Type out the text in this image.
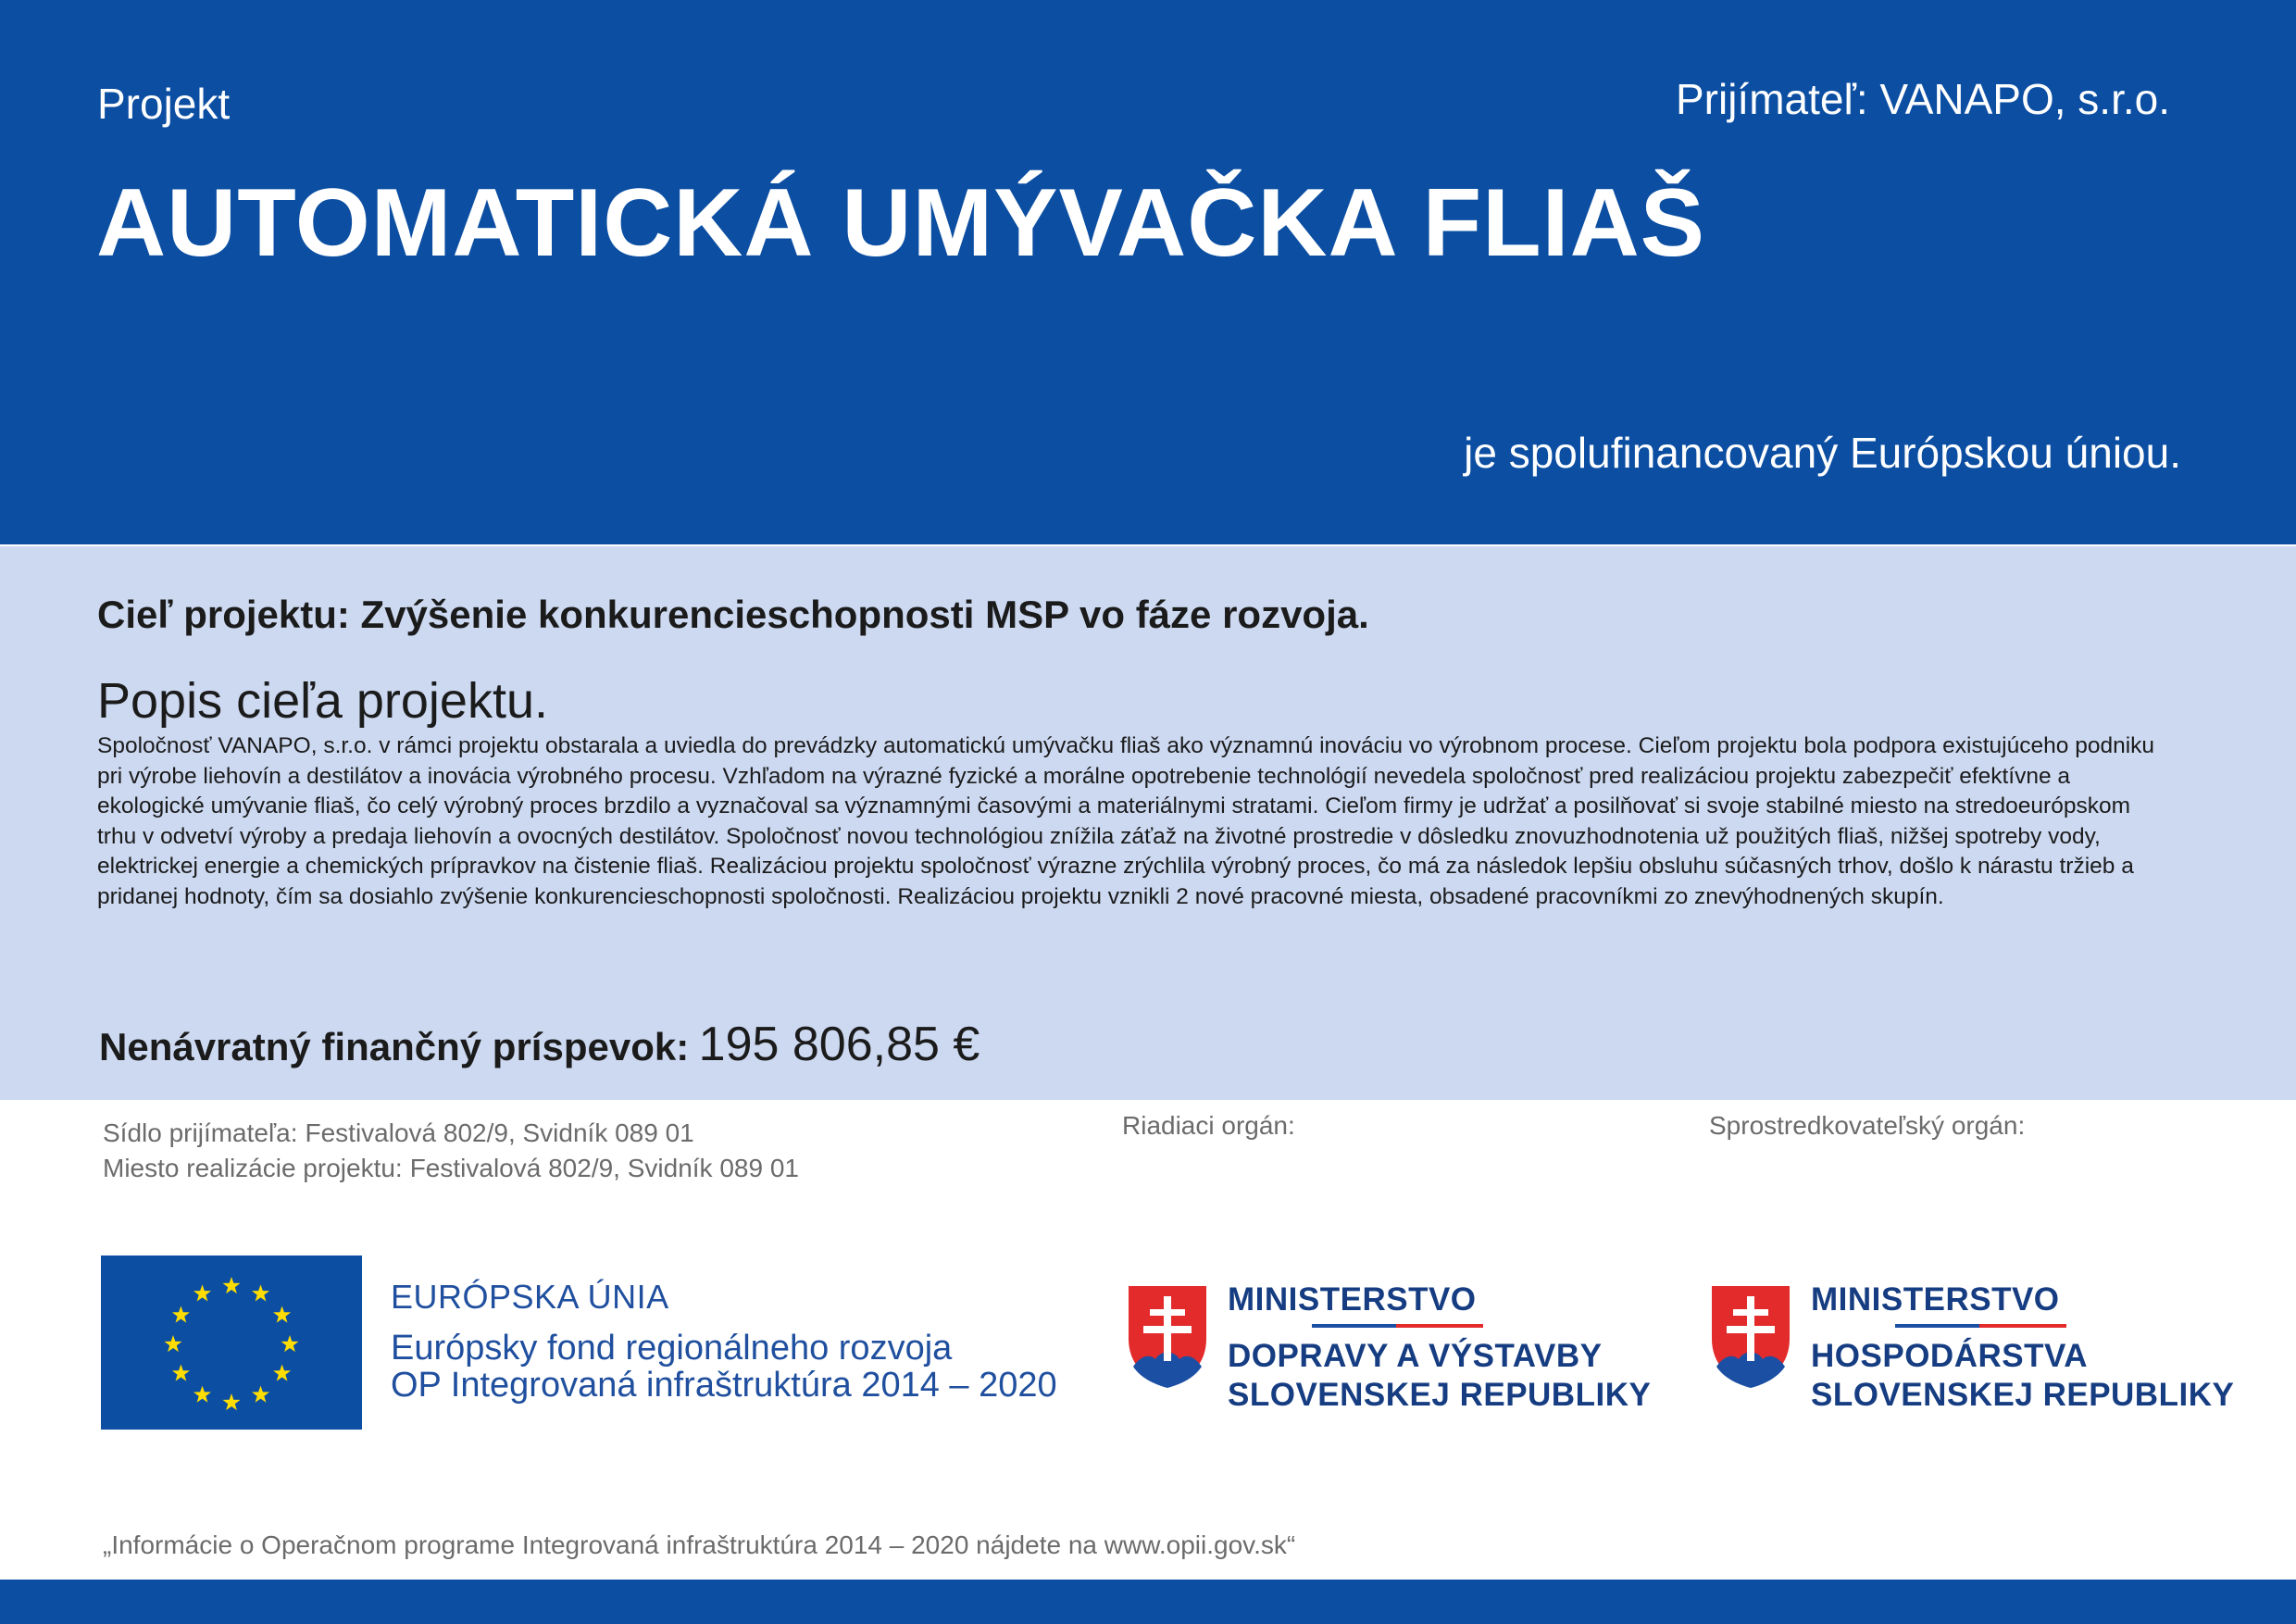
Projekt	Prijímateľ: VANAPO, s.r.o.
AUTOMATICKÁ UMÝVAČKA FLIAŠ
je spolufinancovaný Európskou úniou.
Cieľ projektu: Zvýšenie konkurencieschopnosti MSP vo fáze rozvoja.
Popis cieľa projektu.
Spoločnosť VANAPO, s.r.o. v rámci projektu obstarala a uviedla do prevádzky automatickú umývačku fliaš ako významnú inováciu vo výrobnom procese. Cieľom projektu bola podpora existujúceho podniku pri výrobe liehovín a destilátov a inovácia výrobného procesu. Vzhľadom na výrazné fyzické a morálne opotrebenie technológií nevedela spoločnosť pred realizáciou projektu zabezpečiť efektívne a ekologické umývanie fliaš, čo celý výrobný proces brzdilo a vyznačoval sa významnými časovými a materiálnymi stratami. Cieľom firmy je udržať a posilňovať si svoje stabilné miesto na stredoeurópskom trhu v odvetví výroby a predaja liehovín a ovocných destilátov. Spoločnosť novou technológiou znížila záťaž na životné prostredie v dôsledku znovuzhodnotenia už použitých fliaš, nižšej spotreby vody, elektrickej energie a chemických prípravkov na čistenie fliaš. Realizáciou projektu spoločnosť výrazne zrýchlila výrobný proces, čo má za následok lepšiu obsluhu súčasných trhov, došlo k nárastu tržieb a pridanej hodnoty, čím sa dosiahlo zvýšenie konkurencieschopnosti spoločnosti. Realizáciou projektu vznikli 2 nové pracovné miesta, obsadené pracovníkmi zo znevýhodnených skupín.
Nenávratný finančný príspevok: 195 806,85 €
Sídlo prijímateľa: Festivalová 802/9, Svidník 089 01
Miesto realizácie projektu: Festivalová 802/9, Svidník 089 01
Riadiaci orgán:	Sprostredkovateľský orgán:
EURÓPSKA ÚNIA
Európsky fond regionálneho rozvoja
OP Integrovaná infraštruktúra 2014 – 2020
MINISTERSTVO
DOPRAVY A VÝSTAVBY
SLOVENSKEJ REPUBLIKY
MINISTERSTVO
HOSPODÁRSTVA
SLOVENSKEJ REPUBLIKY
„Informácie o Operačnom programe Integrovaná infraštruktúra 2014 – 2020 nájdete na www.opii.gov.sk“
